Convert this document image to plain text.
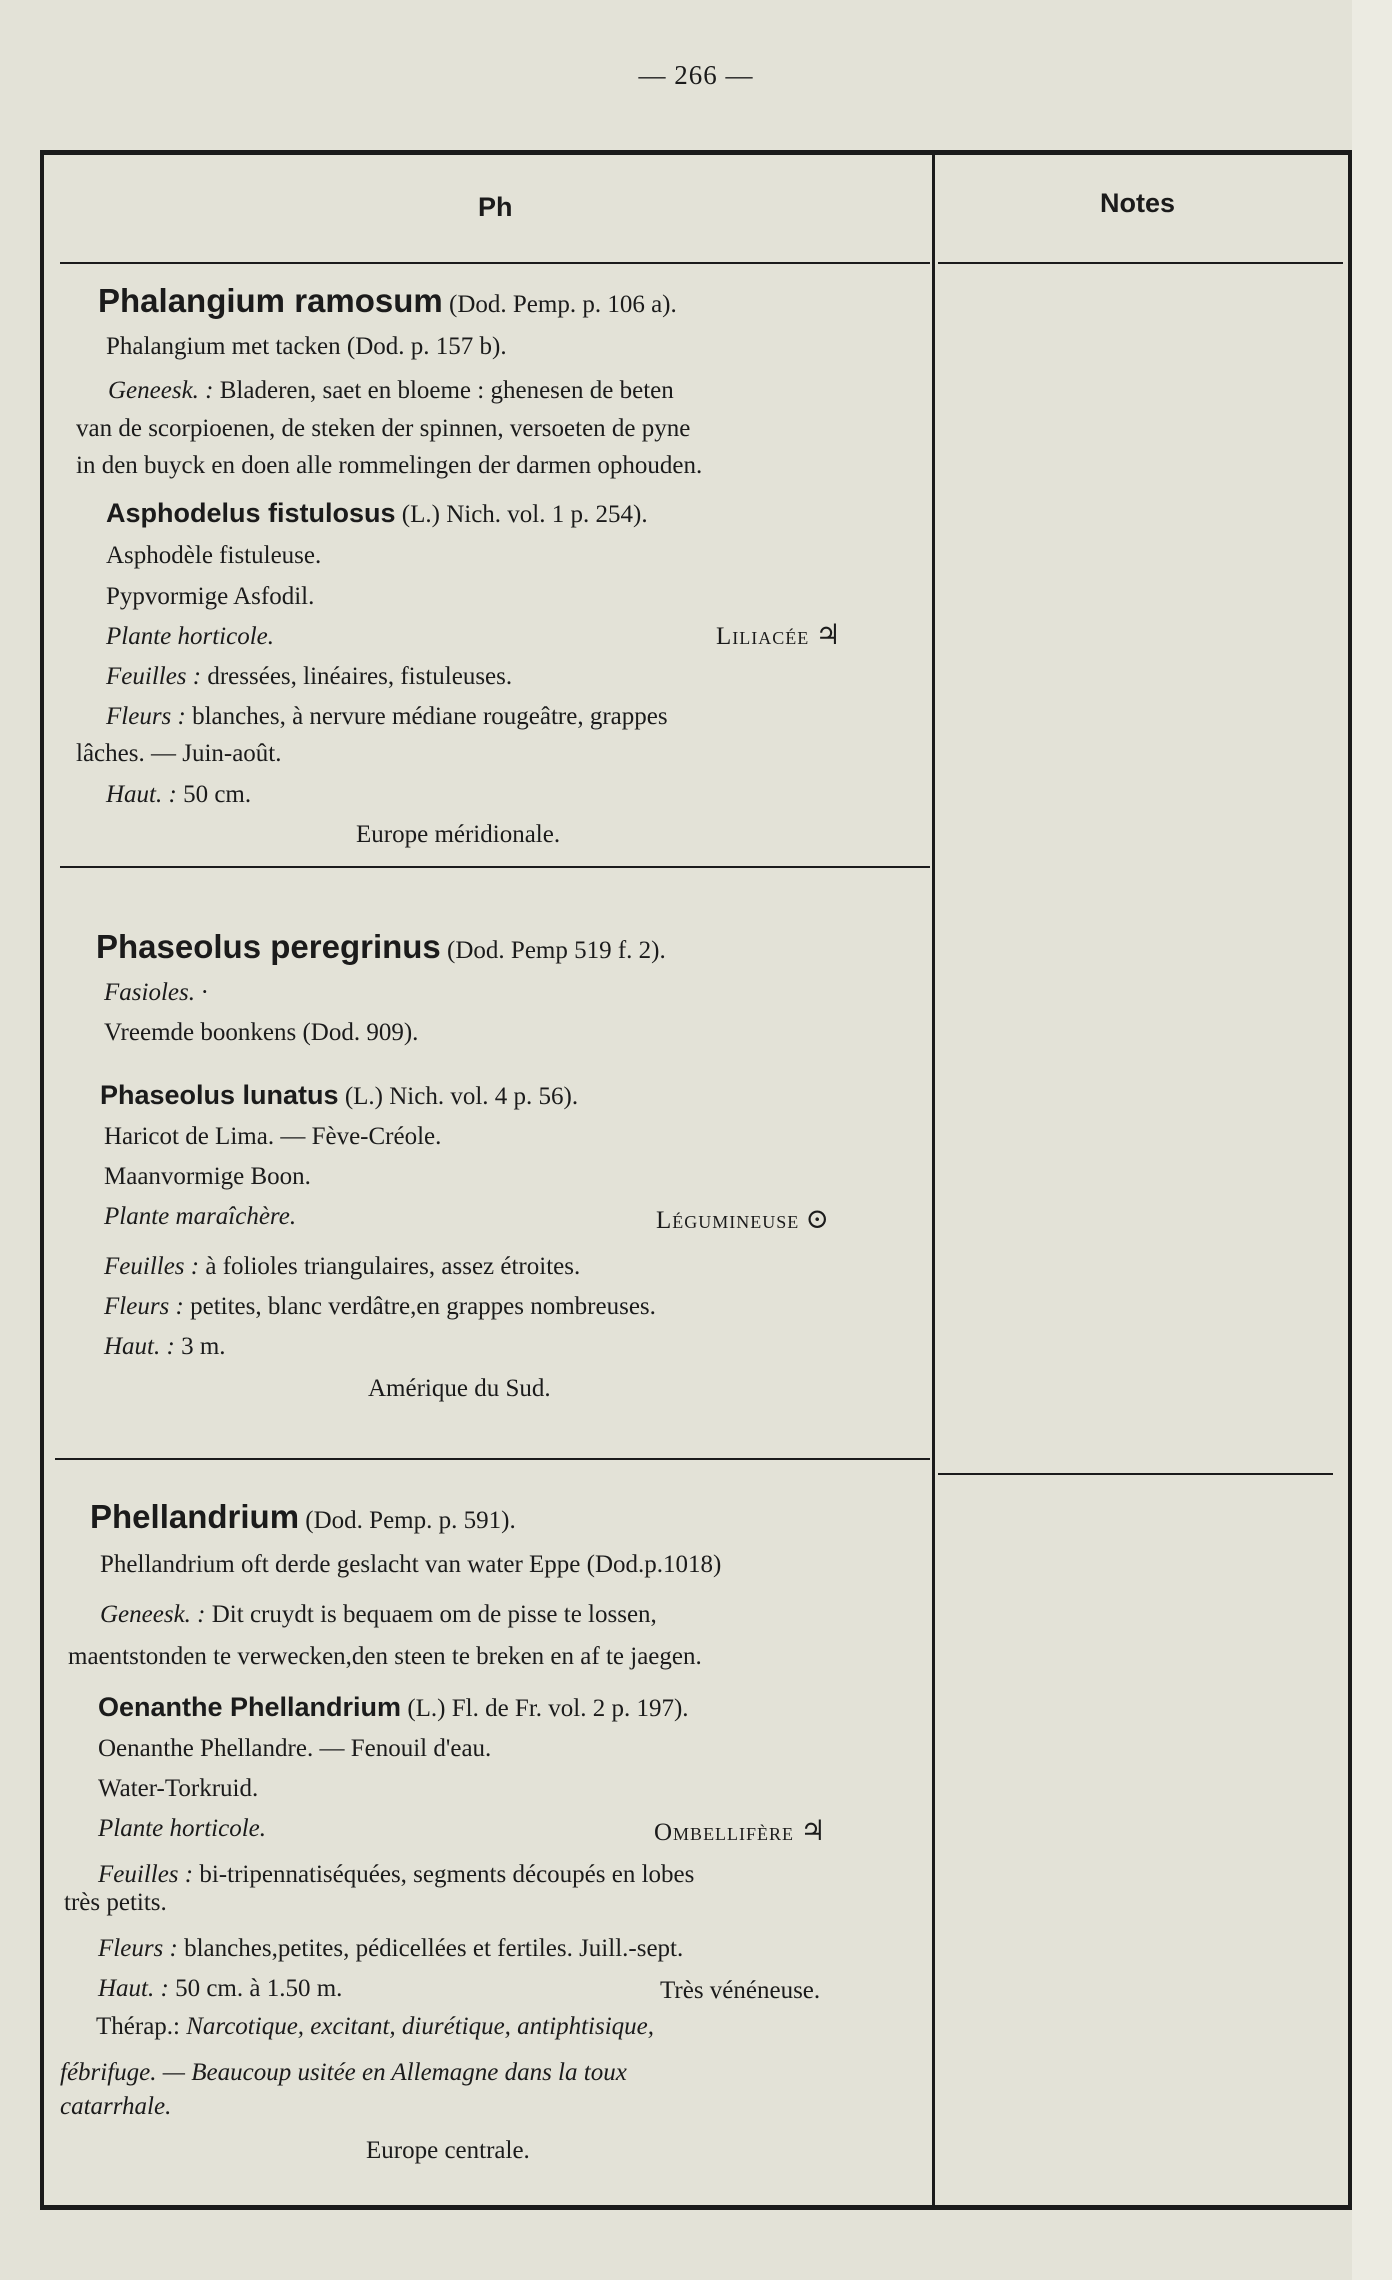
— 266 —
Ph	Notes
Phalangium ramosum (Dod. Pemp. p. 106 a).
Phalangium met tacken (Dod. p. 157 b).
Geneesk. : Bladeren, saet en bloeme : ghenesen de beten
van de scorpioenen, de steken der spinnen, versoeten de pyne
in den buyck en doen alle rommelingen der darmen ophouden.
Asphodelus fistulosus (L.) Nich. vol. 1 p. 254).
Asphodèle fistuleuse.
Pypvormige Asfodil.
Plante horticole.	Liliacée ♃
Feuilles : dressées, linéaires, fistuleuses.
Fleurs : blanches, à nervure médiane rougeâtre, grappes
lâches. — Juin-août.
Haut. : 50 cm.
Europe méridionale.
Phaseolus peregrinus (Dod. Pemp 519 f. 2).
Fasioles. ·
Vreemde boonkens (Dod. 909).
Phaseolus lunatus (L.) Nich. vol. 4 p. 56).
Haricot de Lima. — Fève-Créole.
Maanvormige Boon.
Plante maraîchère.	Légumineuse ⊙
Feuilles : à folioles triangulaires, assez étroites.
Fleurs : petites, blanc verdâtre,en grappes nombreuses.
Haut. : 3 m.
Amérique du Sud.
Phellandrium (Dod. Pemp. p. 591).
Phellandrium oft derde geslacht van water Eppe (Dod.p.1018)
Geneesk. : Dit cruydt is bequaem om de pisse te lossen,
maentstonden te verwecken,den steen te breken en af te jaegen.
Oenanthe Phellandrium (L.) Fl. de Fr. vol. 2 p. 197).
Oenanthe Phellandre. — Fenouil d'eau.
Water-Torkruid.
Plante horticole.	Ombellifère ♃
Feuilles : bi-tripennatiséquées, segments découpés en lobes
très petits.
Fleurs : blanches,petites, pédicellées et fertiles. Juill.-sept.
Haut. : 50 cm. à 1.50 m.	Très vénéneuse.
Thérap.: Narcotique, excitant, diurétique, antiphtisique,
fébrifuge. — Beaucoup usitée en Allemagne dans la toux
catarrhale.
Europe centrale.
